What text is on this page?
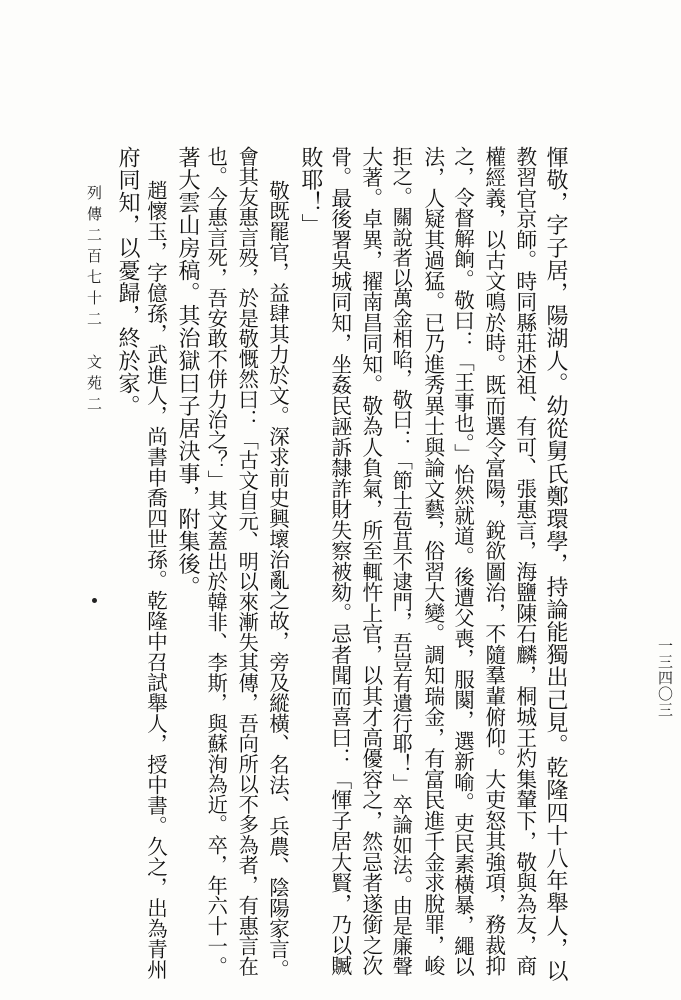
列傳二百七十二文苑二
一三四〇三
府同知，以憂歸，終於家。 趙懷玉，字億孫，武進人，尚書申喬四世孫。乾隆中召試舉人，授中書。久之，出為青州 著大雲山房稿。其治獄曰子居決事，附集後。 也。今惠言死，吾安敢不併力治之？」其文蓋出於韓非、李斯，與蘇洵為近。卒，年六十一。 會其友惠言殁，於是敬慨然曰：「古文自元、明以來漸失其傳，吾向所以不多為者，有惠言在 敬既罷官，益肆其力於文。深求前史興壞治亂之故，旁及縱橫、名法、兵農、陰陽家言。 敗耶！」 骨。最後署吳城同知，坐姦民誣訴隸詐財失察被劾。忌者聞而喜曰：「惲子居大賢，乃以贓 大著。卓異，擢南昌同知。敬為人負氣，所至輒忤上官，以其才高優容之，然忌者遂銜之次 拒之。關說者以萬金相啗，敬曰：「節士苞苴不逮門，吾豈有遺行耶！」卒論如法。由是廉聲 法，人疑其過猛。已乃進秀異士與論文藝，俗習大變。調知瑞金，有富民進千金求脫罪，峻 之，令督解餉。敬曰：「王事也。」怡然就道。後遭父喪，服闋，選新喻。吏民素橫暴，繩以 權經義，以古文鳴於時。既而選令富陽，銳欲圖治，不隨羣輩俯仰。大吏怒其強項，務裁抑 教習官京師。時同縣莊述祖、有可、張惠言，海鹽陳石麟，桐城王灼集輦下，敬與為友，商 惲敬，字子居，陽湖人。幼從舅氏鄭環學，持論能獨出己見。乾隆四十八年舉人，以
